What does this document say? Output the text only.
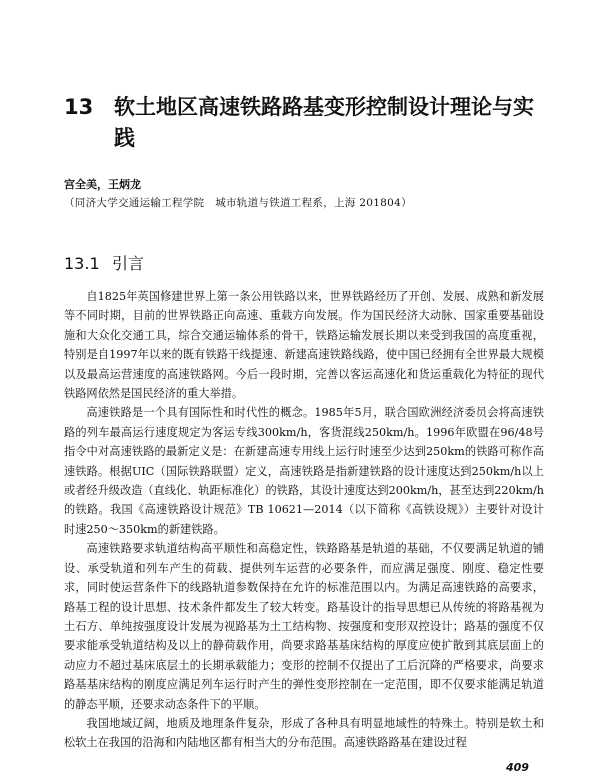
13 软土地区高速铁路路基变形控制设计理论与实践
宫全美，王炳龙
（同济大学交通运输工程学院　城市轨道与铁道工程系，上海 201804）
13.1 引言

自1825年英国修建世界上第一条公用铁路以来，世界铁路经历了开创、发展、成熟和新发展等不同时期，目前的世界铁路正向高速、重载方向发展。作为国民经济大动脉、国家重要基础设施和大众化交通工具，综合交通运输体系的骨干，铁路运输发展长期以来受到我国的高度重视，特别是自1997年以来的既有铁路干线提速、新建高速铁路线路，使中国已经拥有全世界最大规模以及最高运营速度的高速铁路网。今后一段时期，完善以客运高速化和货运重载化为特征的现代铁路网依然是国民经济的重大举措。

高速铁路是一个具有国际性和时代性的概念。1985年5月，联合国欧洲经济委员会将高速铁路的列车最高运行速度规定为客运专线300km/h，客货混线250km/h。1996年欧盟在96/48号指令中对高速铁路的最新定义是：在新建高速专用线上运行时速至少达到250km的铁路可称作高速铁路。根据UIC（国际铁路联盟）定义，高速铁路是指新建铁路的设计速度达到250km/h以上或者经升级改造（直线化、轨距标准化）的铁路，其设计速度达到200km/h，甚至达到220km/h的铁路。我国《高速铁路设计规范》TB 10621—2014（以下简称《高铁设规》）主要针对设计时速250～350km的新建铁路。

高速铁路要求轨道结构高平顺性和高稳定性，铁路路基是轨道的基础，不仅要满足轨道的铺设、承受轨道和列车产生的荷载、提供列车运营的必要条件，而应满足强度、刚度、稳定性要求，同时使运营条件下的线路轨道参数保持在允许的标准范围以内。为满足高速铁路的高要求，路基工程的设计思想、技术条件都发生了较大转变。路基设计的指导思想已从传统的将路基视为土石方、单纯按强度设计发展为视路基为土工结构物、按强度和变形双控设计；路基的强度不仅要求能承受轨道结构及以上的静荷载作用，尚要求路基基床结构的厚度应使扩散到其底层面上的动应力不超过基床底层土的长期承载能力；变形的控制不仅提出了工后沉降的严格要求，尚要求路基基床结构的刚度应满足列车运行时产生的弹性变形控制在一定范围，即不仅要求能满足轨道的静态平顺，还要求动态条件下的平顺。

我国地域辽阔，地质及地理条件复杂，形成了各种具有明显地域性的特殊土。特别是软土和松软土在我国的沿海和内陆地区都有相当大的分布范围。高速铁路路基在建设过程

409
